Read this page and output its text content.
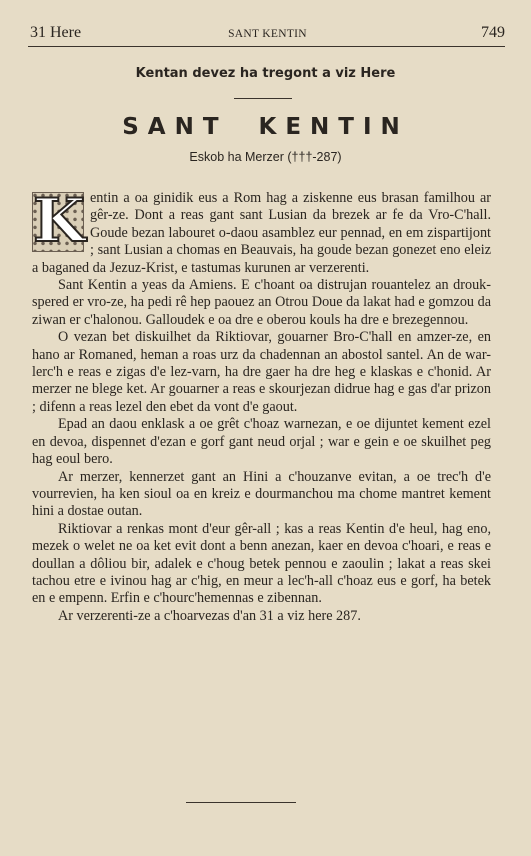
31 Here	SANT KENTIN	749
Kentan devez ha tregont a viz Here
SANT KENTIN
Eskob ha Merzer (†††-287)

K entin a oa ginidik eus a Rom hag a ziskenne eus brasan familhou ar gêr-ze. Dont a reas gant sant Lusian da brezek ar fe da Vro-C'hall. Goude bezan labouret o-daou asamblez eur pennad, en em zispartijont ; sant Lusian a chomas en Beauvais, ha goude bezan gonezet eno eleiz a baganed da Jezuz-Krist, e tastumas kurunen ar verzerenti.

Sant Kentin a yeas da Amiens. E c'hoant oa distrujan rouantelez an drouk-spered er vro-ze, ha pedi rê hep paouez an Otrou Doue da lakat had e gomzou da ziwan er c'halonou. Galloudek e oa dre e oberou kouls ha dre e brezegennou.

O vezan bet diskuilhet da Riktiovar, gouarner Bro-C'hall en amzer-ze, en hano ar Romaned, heman a roas urz da chadennan an abostol santel. An de war-lerc'h e reas e zigas d'e lez-varn, ha dre gaer ha dre heg e klaskas e c'honid. Ar merzer ne blege ket. Ar gouarner a reas e skourjezan didrue hag e gas d'ar prizon ; difenn a reas lezel den ebet da vont d'e gaout.

Epad an daou enklask a oe grêt c'hoaz warnezan, e oe dijuntet kement ezel en devoa, dispennet d'ezan e gorf gant neud orjal ; war e gein e oe skuilhet peg hag eoul bero.

Ar merzer, kennerzet gant an Hini a c'houzanve evitan, a oe trec'h d'e vourrevien, ha ken sioul oa en kreiz e dourmanchou ma chome mantret kement hini a dostae outan.

Riktiovar a renkas mont d'eur gêr-all ; kas a reas Kentin d'e heul, hag eno, mezek o welet ne oa ket evit dont a benn anezan, kaer en devoa c'hoari, e reas e doullan a dôliou bir, adalek e c'houg betek pennou e zaoulin ; lakat a reas skei tachou etre e ivinou hag ar c'hig, en meur a lec'h-all c'hoaz eus e gorf, ha betek en e empenn. Erfin e c'hourc'hemennas e zibennan.

Ar verzerenti-ze a c'hoarvezas d'an 31 a viz here 287.
